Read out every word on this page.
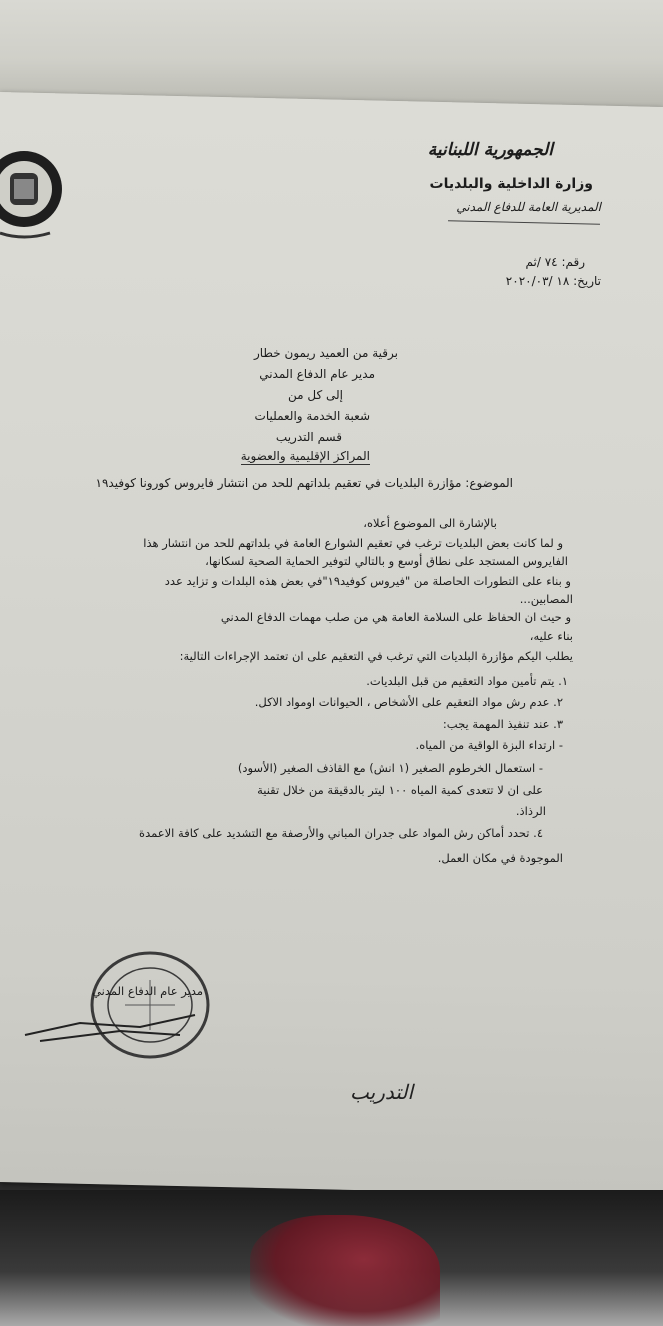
الجمهورية اللبنانية
وزارة الداخلية والبلديات
المديرية العامة للدفاع المدني
رقم: ٧٤ /ثم
تاريخ: ١٨ /٢٠٢٠/٠٣
برقية من العميد ريمون خطار
مدير عام الدفاع المدني
إلى كل من
شعبة الخدمة والعمليات
قسم التدريب
المراكز الإقليمية والعضوية
الموضوع: مؤازرة البلديات في تعقيم بلداتهم للحد من انتشار فايروس كورونا كوفيد١٩
بالإشارة الى الموضوع أعلاه،
و لما كانت بعض البلديات ترغب في تعقيم الشوارع العامة في بلداتهم للحد من انتشار هذا
الفايروس المستجد على نطاق أوسع و بالتالي لتوفير الحماية الصحية لسكانها،
و بناء على التطورات الحاصلة من "فيروس كوفيد١٩"في بعض هذه البلدات و تزايد عدد
المصابين...
و حيث ان الحفاظ على السلامة العامة هي من صلب مهمات الدفاع المدني
بناء عليه،
يطلب اليكم مؤازرة البلديات التي ترغب في التعقيم على ان تعتمد الإجراءات التالية:
١. يتم تأمين مواد التعقيم من قبل البلديات.
٢. عدم رش مواد التعقيم على الأشخاص ، الحيوانات اومواد الاكل.
٣. عند تنفيذ المهمة يجب:
- ارتداء البزة الواقية من المياه.
- استعمال الخرطوم الصغير (١ انش) مع القاذف الصغير (الأسود)
على ان لا تتعدى كمية المياه ١٠٠ ليتر بالدقيقة من خلال تقنية
الرذاذ.
٤. تحدد أماكن رش المواد على جدران المباني والأرصفة مع التشديد على كافة الاعمدة
الموجودة في مكان العمل.
مدير عام الدفاع المدني
التدريب
